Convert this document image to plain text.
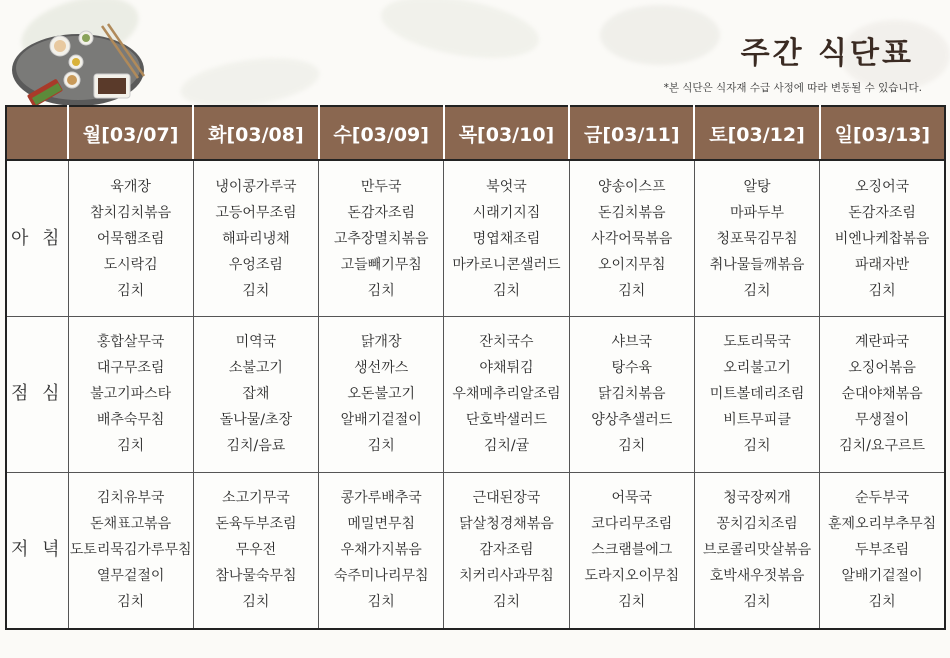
주간 식단표
*본 식단은 식자재 수급 사정에 따라 변동될 수 있습니다.
	월[03/07]	화[03/08]	수[03/09]	목[03/10]	금[03/11]	토[03/12]	일[03/13]
아 침	육개장
참치김치볶음
어묵햄조림
도시락김
김치	냉이콩가루국
고등어무조림
해파리냉채
우엉조림
김치	만두국
돈감자조림
고추장멸치볶음
고들빼기무침
김치	북엇국
시래기지짐
명엽채조림
마카로니콘샐러드
김치	양송이스프
돈김치볶음
사각어묵볶음
오이지무침
김치	알탕
마파두부
청포묵김무침
취나물들깨볶음
김치	오징어국
돈감자조림
비엔나케찹볶음
파래자반
김치

점 심	홍합살무국
대구무조림
불고기파스타
배추숙무침
김치	미역국
소불고기
잡채
돌나물/초장
김치/음료	닭개장
생선까스
오돈불고기
알배기겉절이
김치	잔치국수
야채튀김
우채메추리알조림
단호박샐러드
김치/귤	샤브국
탕수육
닭김치볶음
양상추샐러드
김치	도토리묵국
오리불고기
미트볼데리조림
비트무피클
김치	계란파국
오징어볶음
순대야채볶음
무생절이
김치/요구르트

저 녁	김치유부국
돈채표고볶음
도토리묵김가루무침
열무겉절이
김치	소고기무국
돈육두부조림
무우전
참나물숙무침
김치	콩가루배추국
메밀면무침
우채가지볶음
숙주미나리무침
김치	근대된장국
닭살청경채볶음
감자조림
치커리사과무침
김치	어묵국
코다리무조림
스크램블에그
도라지오이무침
김치	청국장찌개
꽁치김치조림
브로콜리맛살볶음
호박새우젓볶음
김치	순두부국
훈제오리부추무침
두부조림
알배기겉절이
김치
